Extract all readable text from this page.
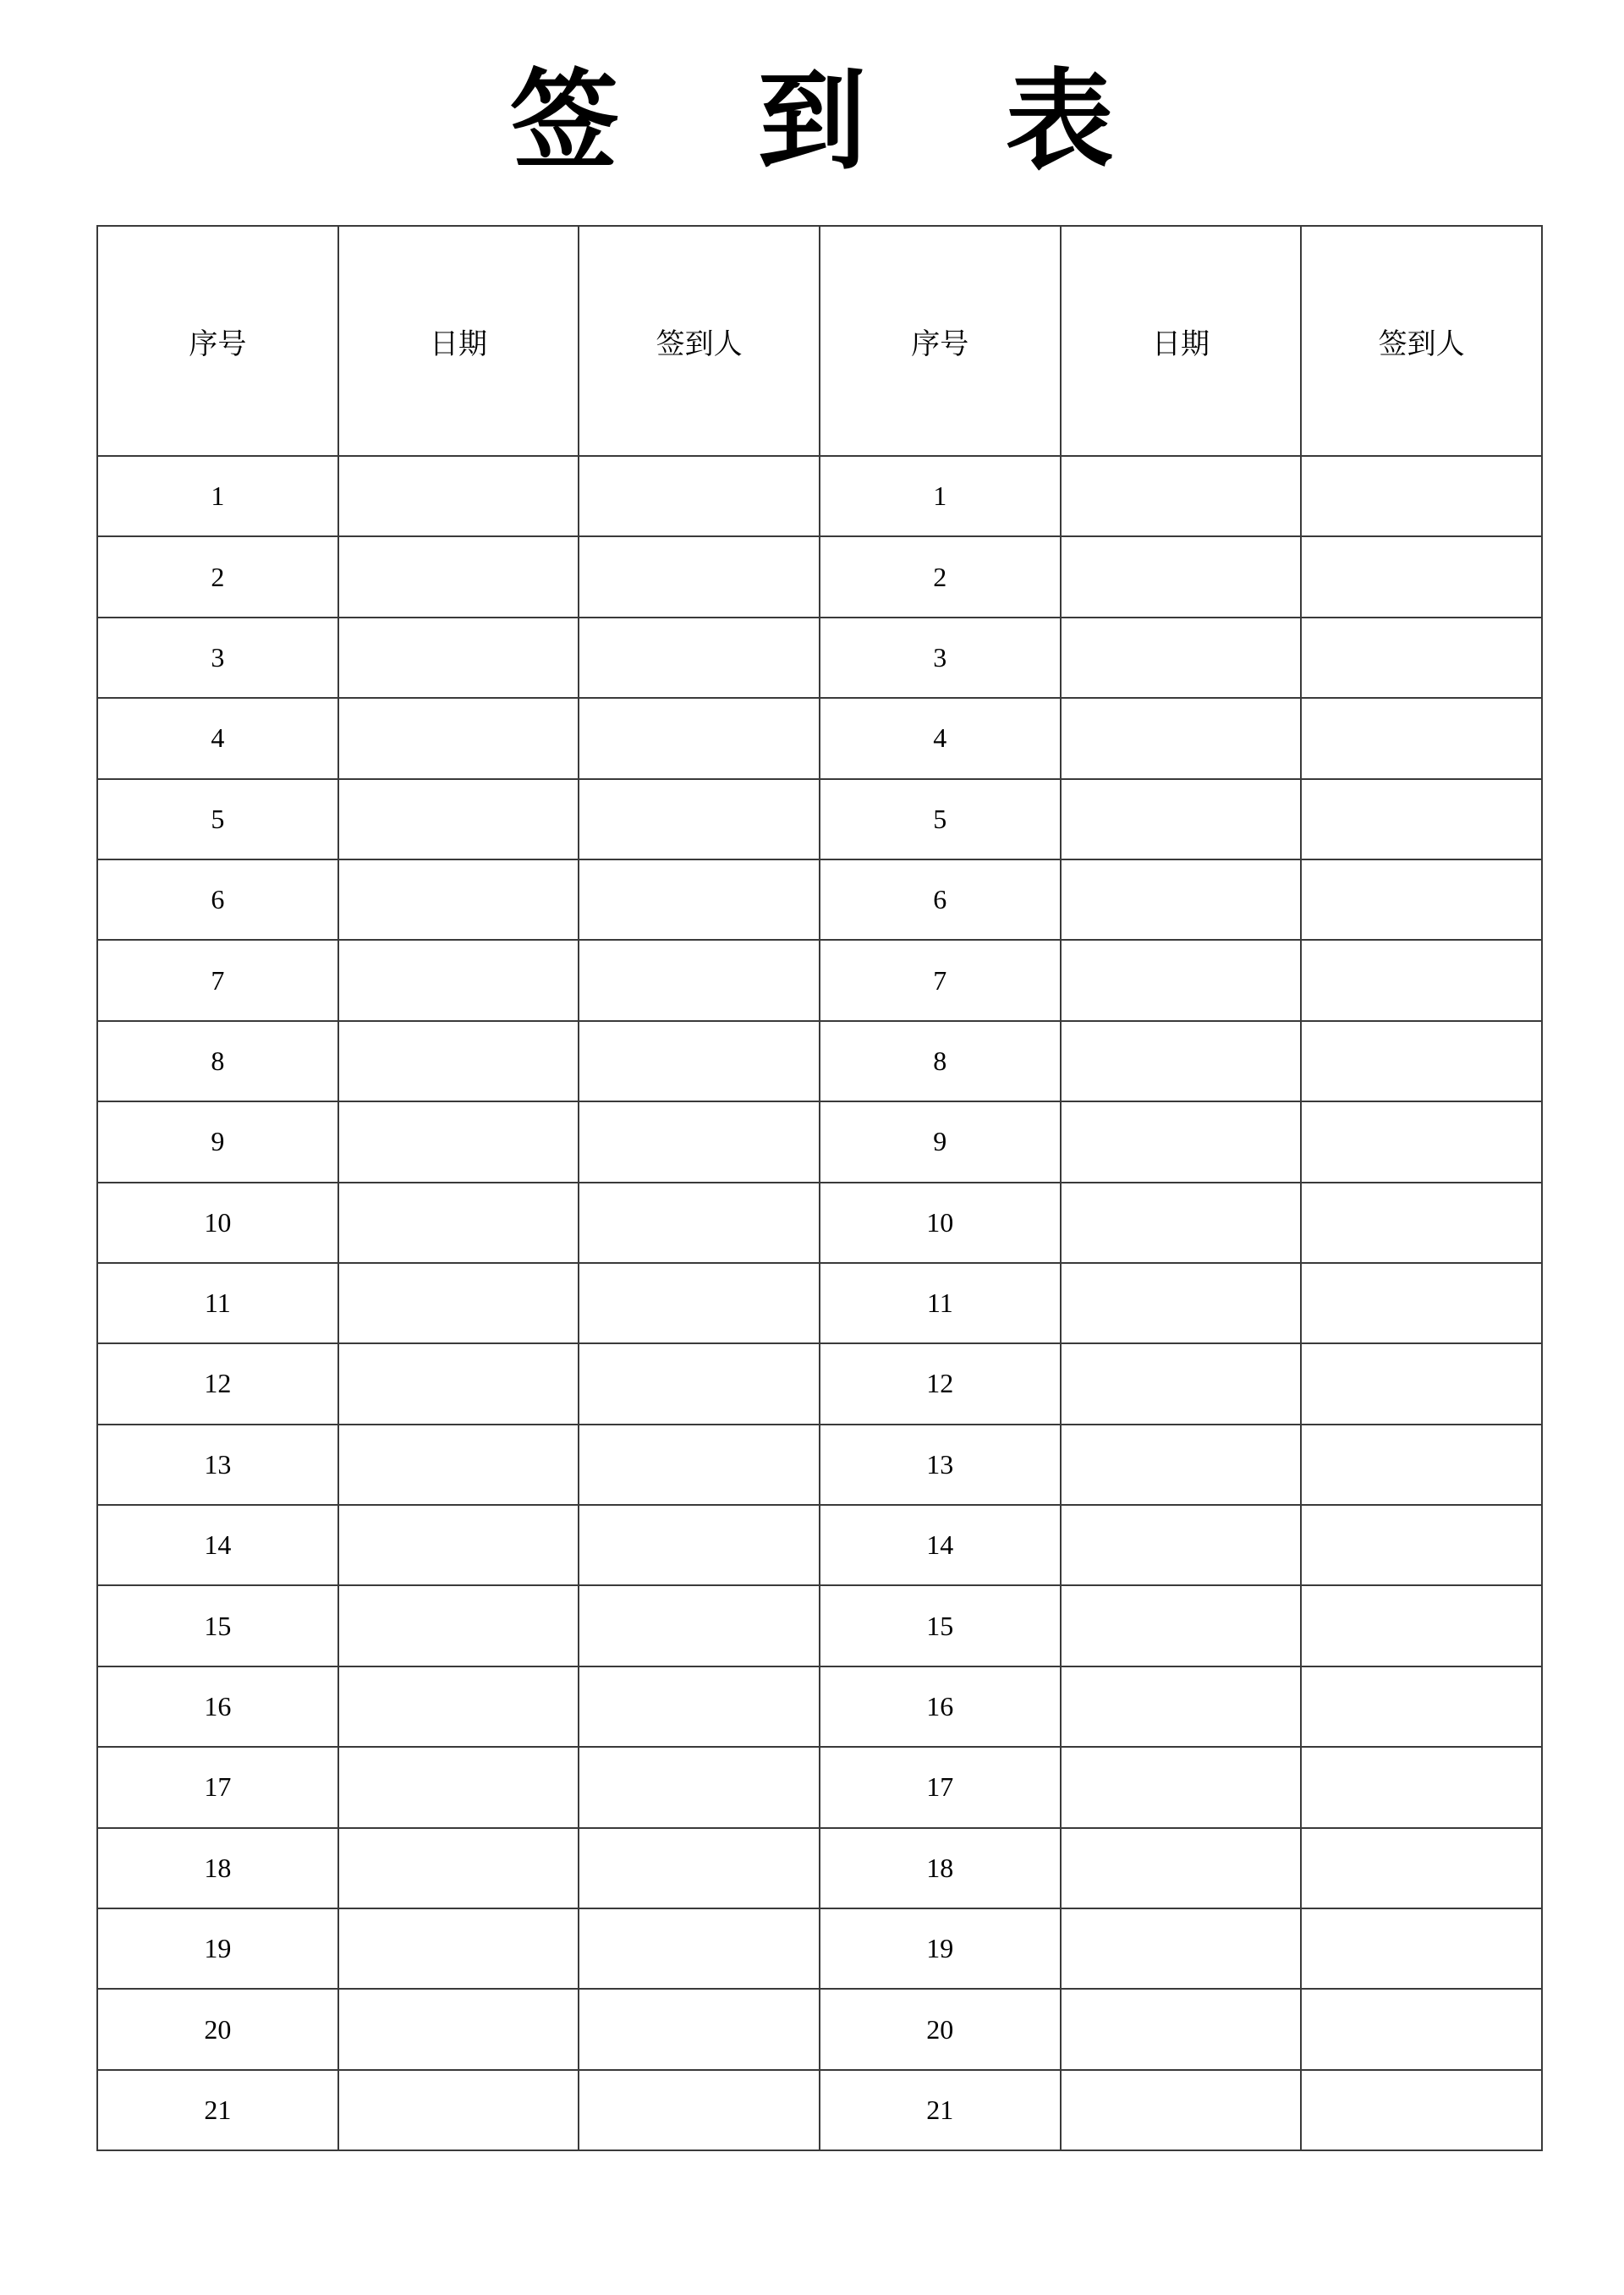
签 到 表
序号	日期	签到人	序号	日期	签到人
1			1		
2			2		
3			3		
4			4		
5			5		
6			6		
7			7		
8			8		
9			9		
10			10		
11			11		
12			12		
13			13		
14			14		
15			15		
16			16		
17			17		
18			18		
19			19		
20			20		
21			21		
